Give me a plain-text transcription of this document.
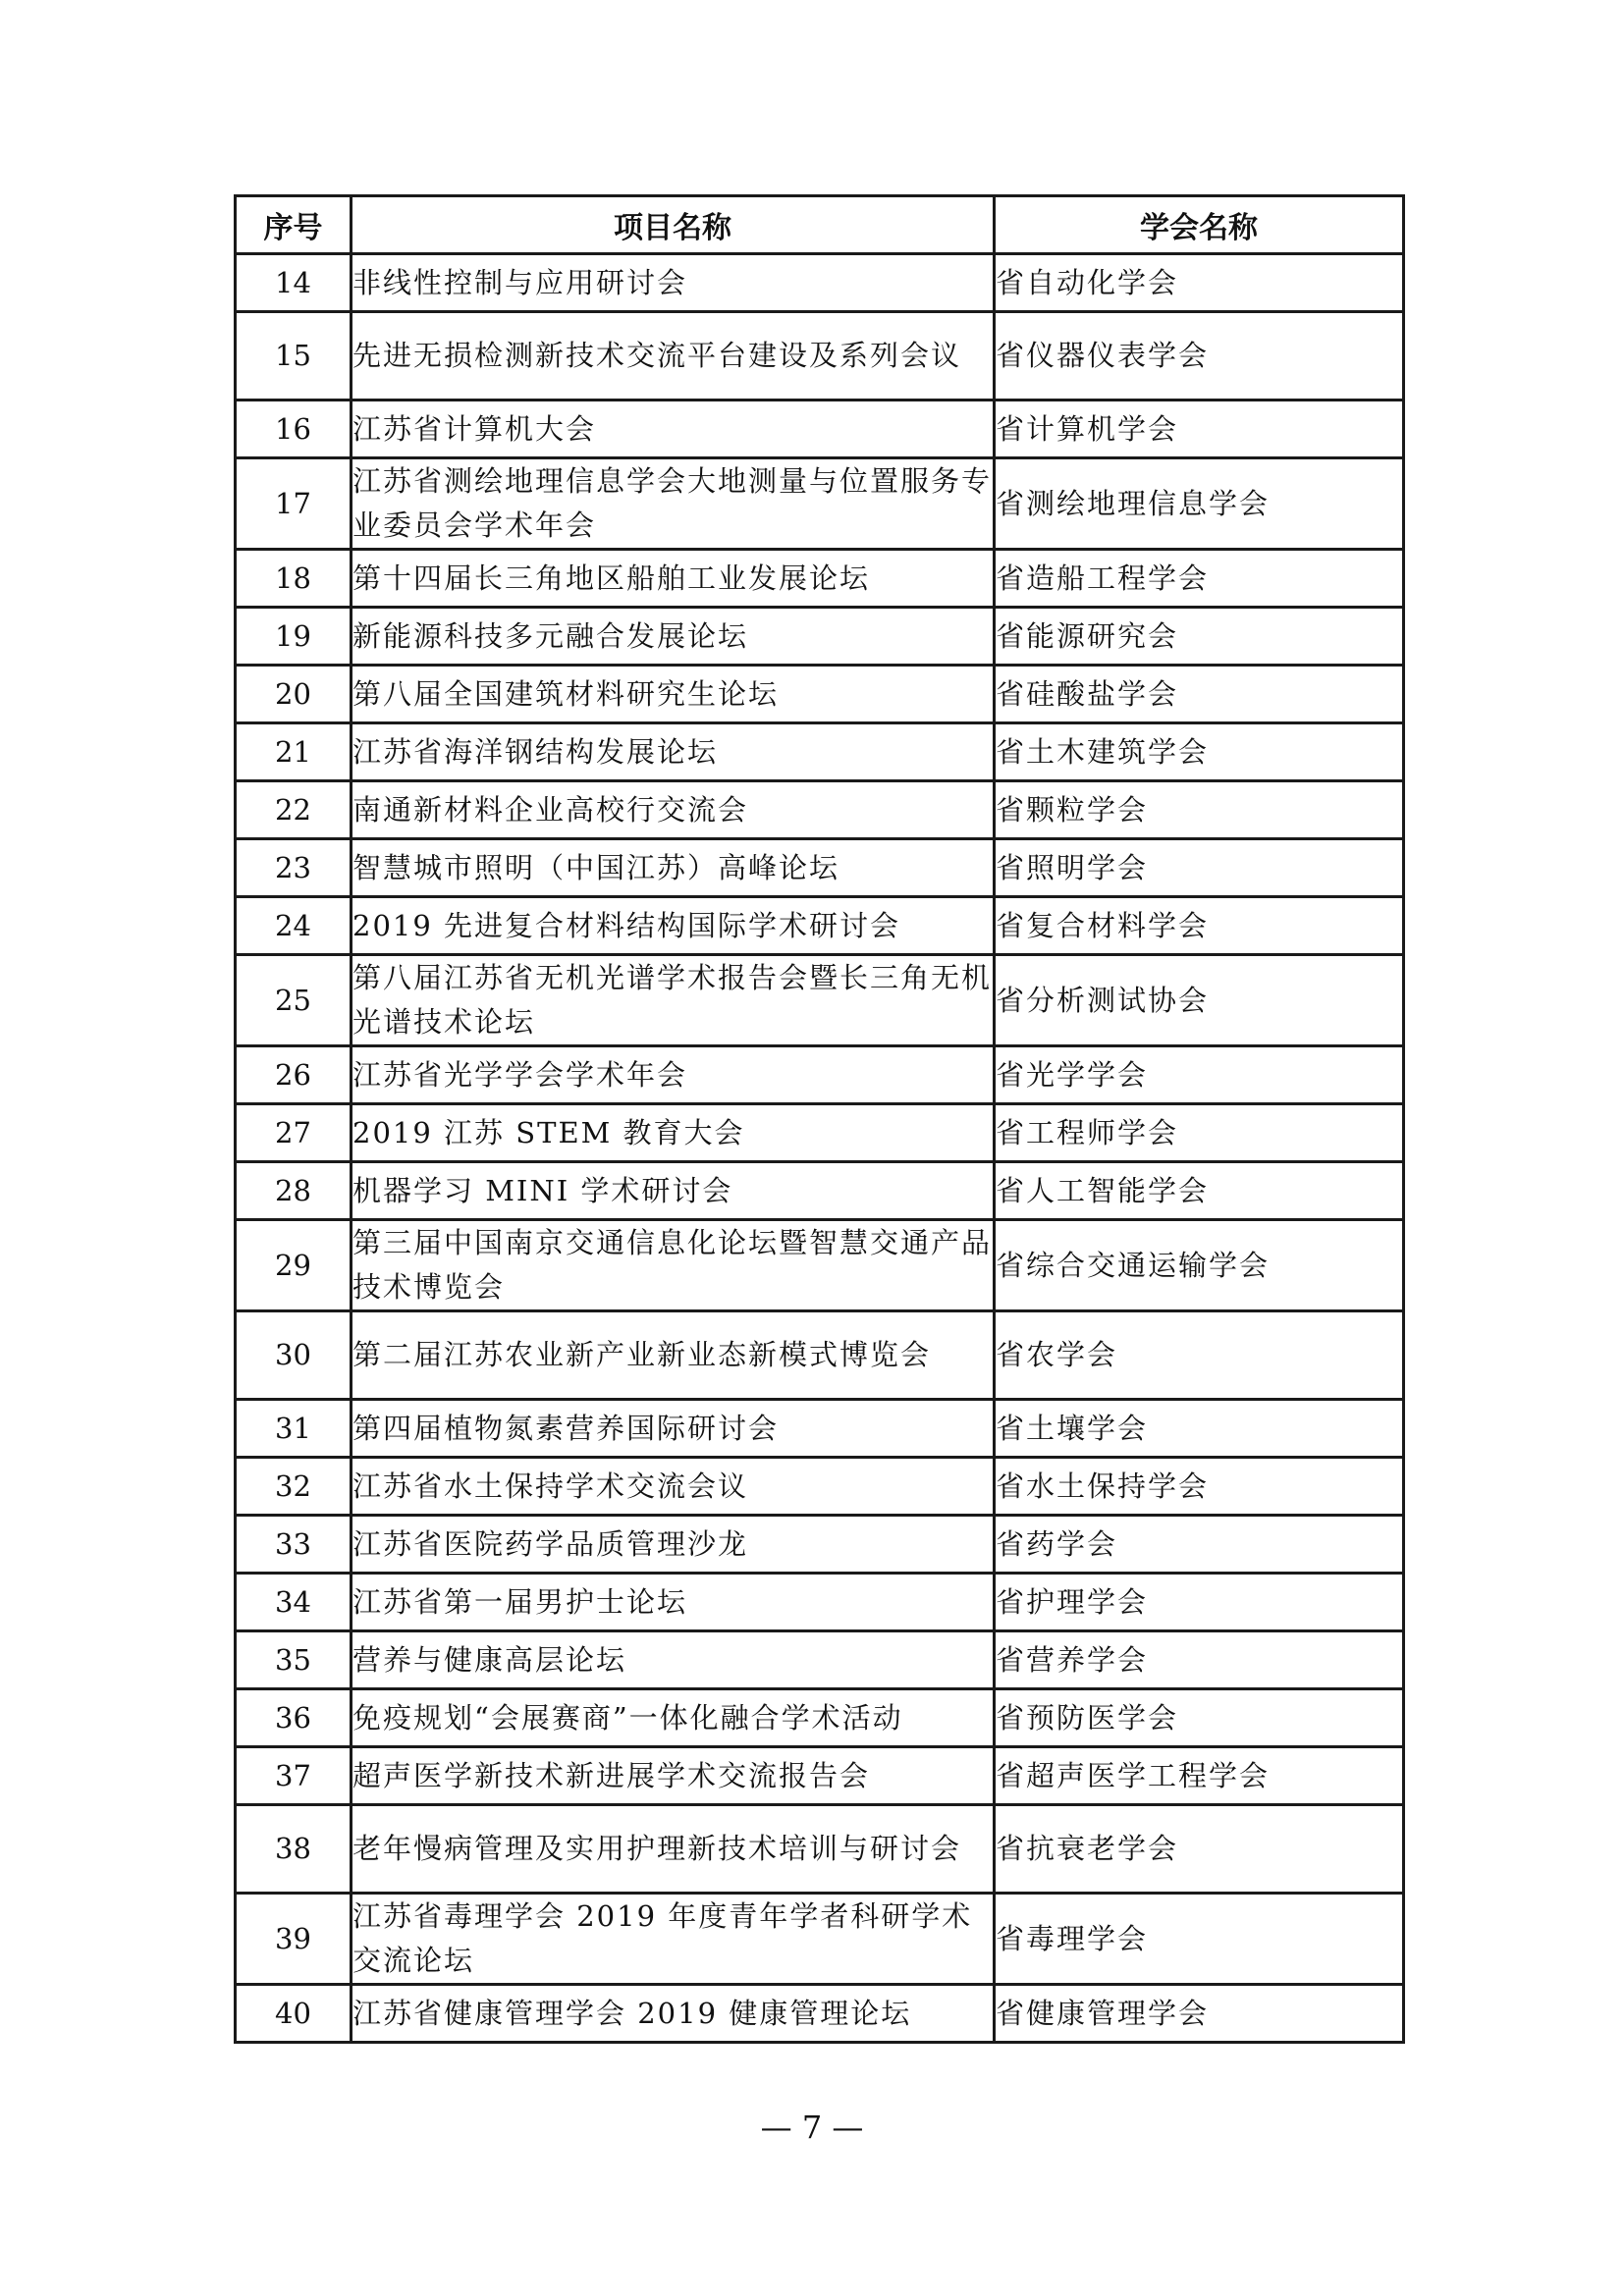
序号	项目名称	学会名称
14	非线性控制与应用研讨会	省自动化学会
15	先进无损检测新技术交流平台建设及系列会议	省仪器仪表学会
16	江苏省计算机大会	省计算机学会
17	江苏省测绘地理信息学会大地测量与位置服务专业委员会学术年会	省测绘地理信息学会
18	第十四届长三角地区船舶工业发展论坛	省造船工程学会
19	新能源科技多元融合发展论坛	省能源研究会
20	第八届全国建筑材料研究生论坛	省硅酸盐学会
21	江苏省海洋钢结构发展论坛	省土木建筑学会
22	南通新材料企业高校行交流会	省颗粒学会
23	智慧城市照明（中国江苏）高峰论坛	省照明学会
24	2019 先进复合材料结构国际学术研讨会	省复合材料学会
25	第八届江苏省无机光谱学术报告会暨长三角无机光谱技术论坛	省分析测试协会
26	江苏省光学学会学术年会	省光学学会
27	2019 江苏 STEM 教育大会	省工程师学会
28	机器学习 MINI 学术研讨会	省人工智能学会
29	第三届中国南京交通信息化论坛暨智慧交通产品技术博览会	省综合交通运输学会
30	第二届江苏农业新产业新业态新模式博览会	省农学会
31	第四届植物氮素营养国际研讨会	省土壤学会
32	江苏省水土保持学术交流会议	省水土保持学会
33	江苏省医院药学品质管理沙龙	省药学会
34	江苏省第一届男护士论坛	省护理学会
35	营养与健康高层论坛	省营养学会
36	免疫规划“会展赛商”一体化融合学术活动	省预防医学会
37	超声医学新技术新进展学术交流报告会	省超声医学工程学会
38	老年慢病管理及实用护理新技术培训与研讨会	省抗衰老学会
39	江苏省毒理学会 2019 年度青年学者科研学术交流论坛	省毒理学会
40	江苏省健康管理学会 2019 健康管理论坛	省健康管理学会
— 7 —
